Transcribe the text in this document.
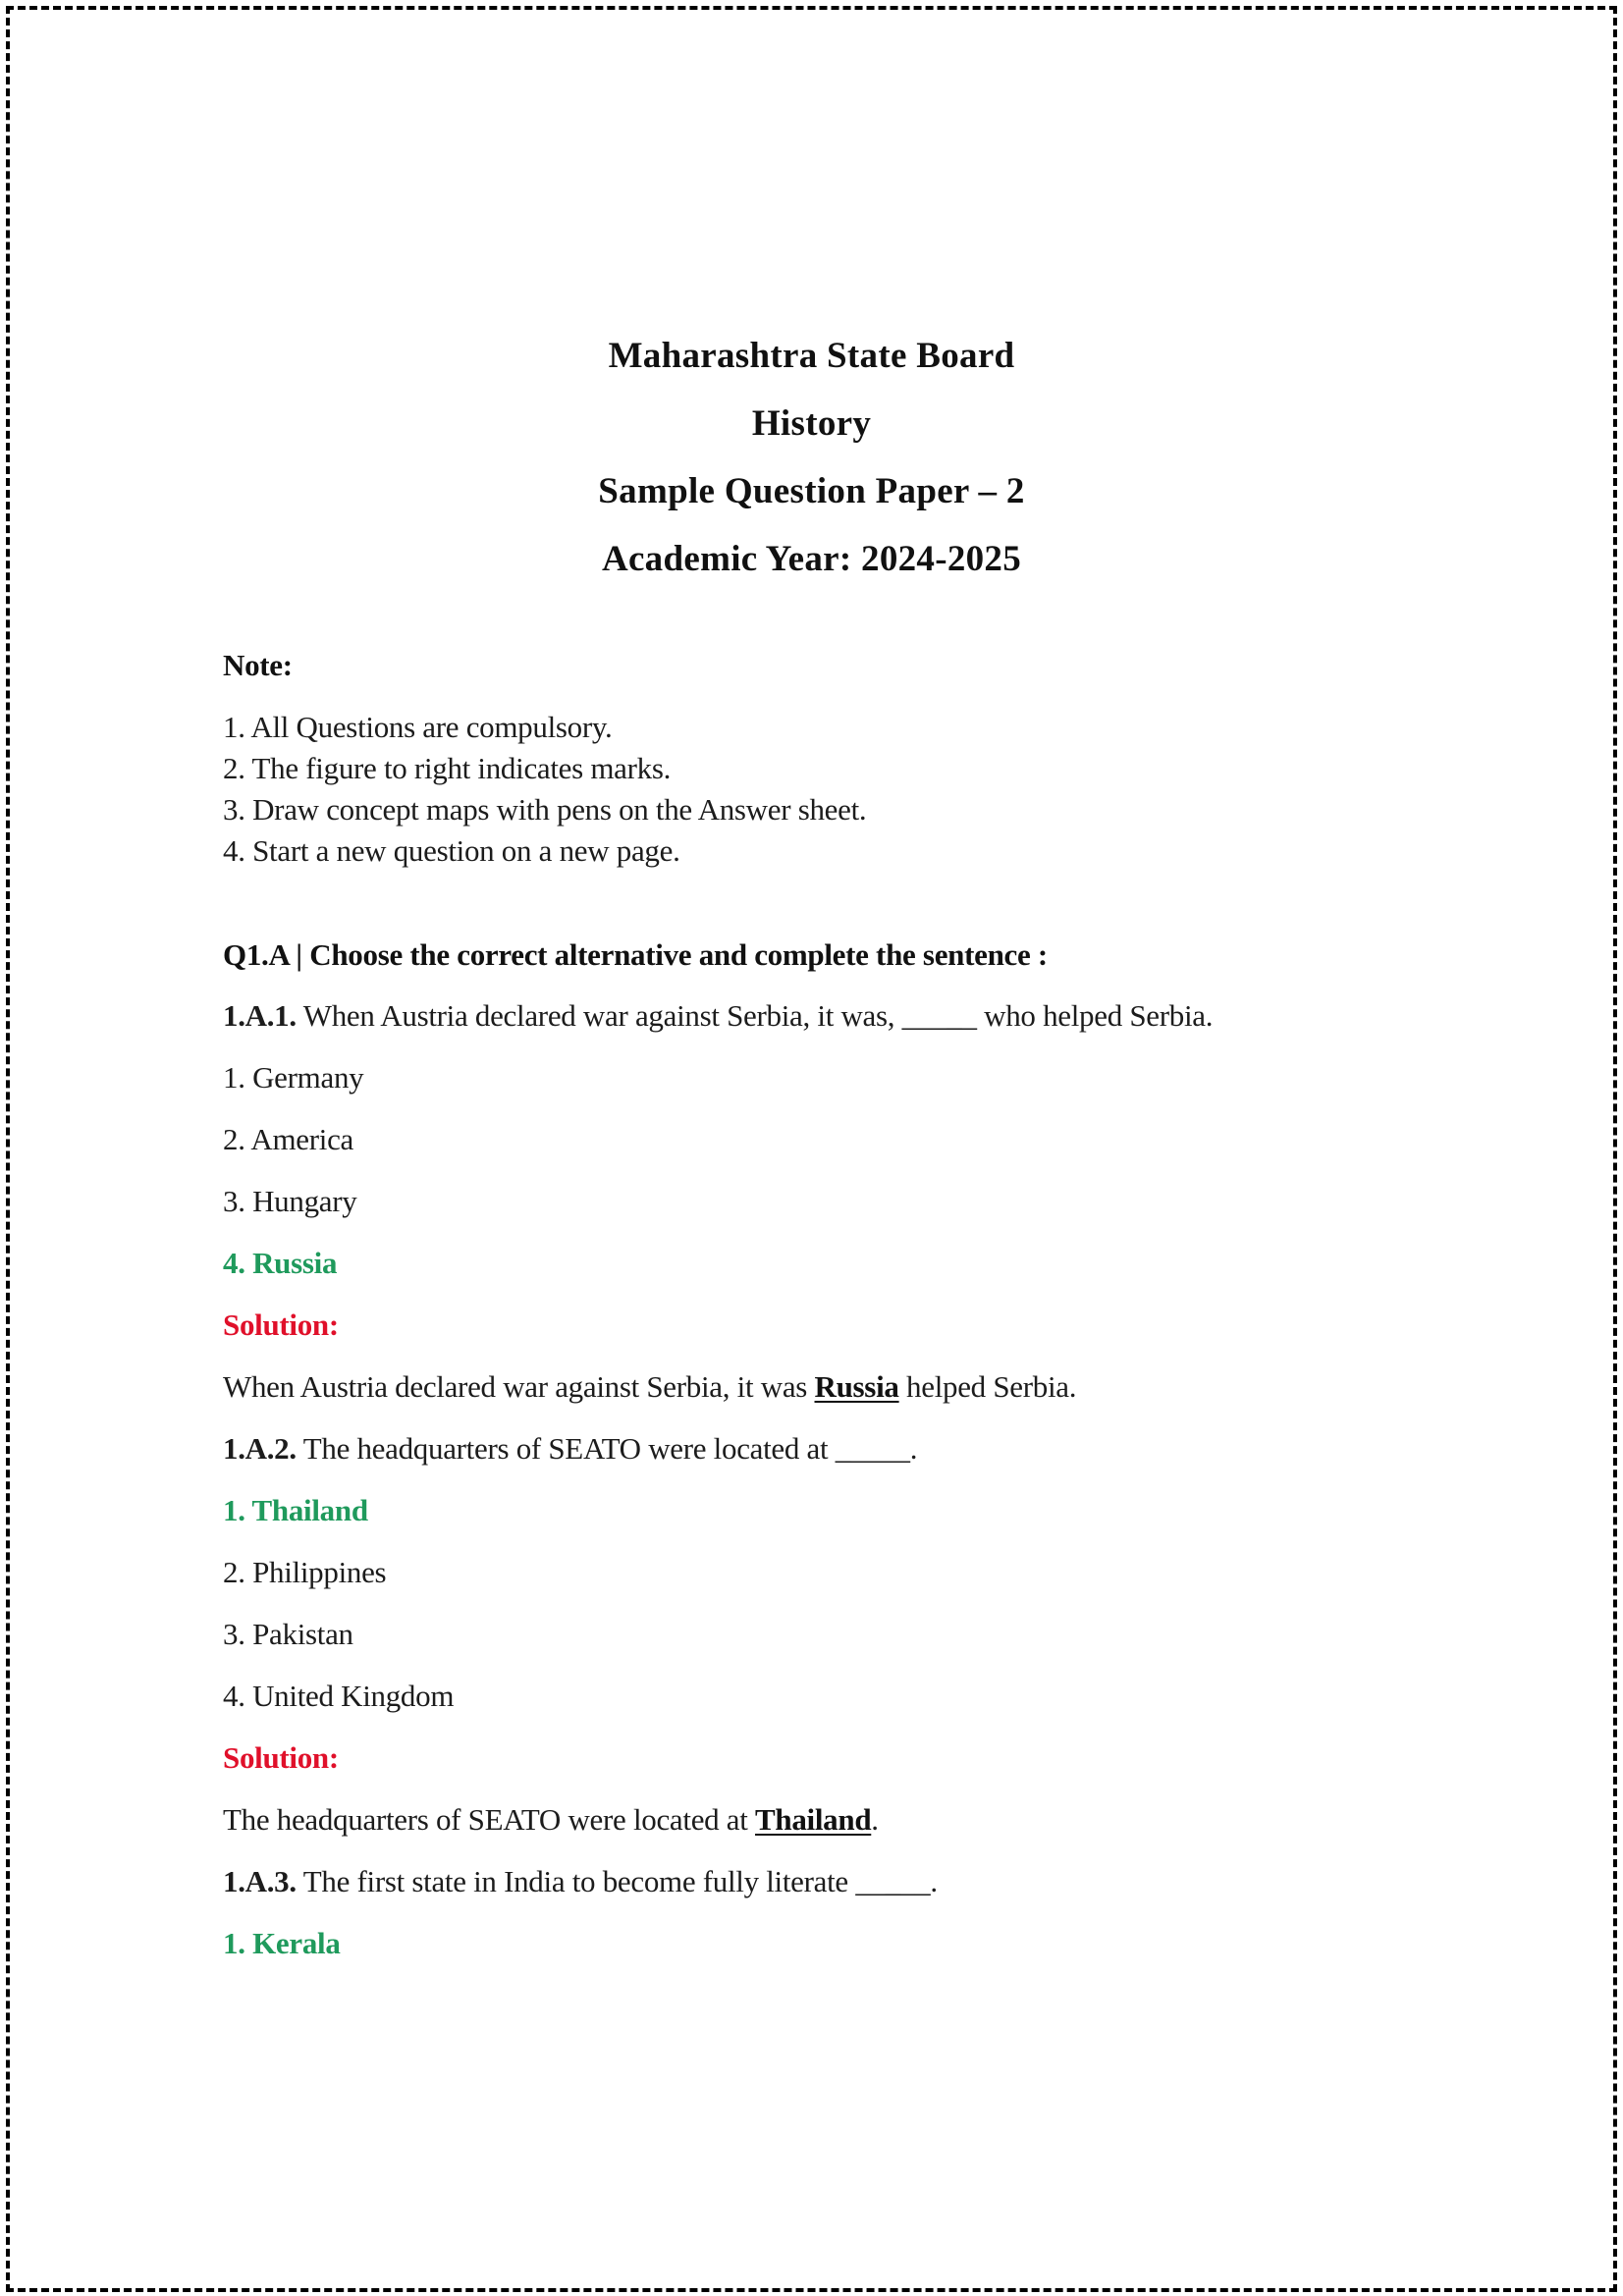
Maharashtra State Board
History
Sample Question Paper – 2
Academic Year: 2024-2025
Note:
1. All Questions are compulsory.
2. The figure to right indicates marks.
3. Draw concept maps with pens on the Answer sheet.
4. Start a new question on a new page.
Q1.A | Choose the correct alternative and complete the sentence :
1.A.1. When Austria declared war against Serbia, it was, _____ who helped Serbia.
1. Germany
2. America
3. Hungary
4. Russia
Solution:
When Austria declared war against Serbia, it was Russia helped Serbia.
1.A.2. The headquarters of SEATO were located at _____.
1. Thailand
2. Philippines
3. Pakistan
4. United Kingdom
Solution:
The headquarters of SEATO were located at Thailand.
1.A.3. The first state in India to become fully literate _____.
1. Kerala
